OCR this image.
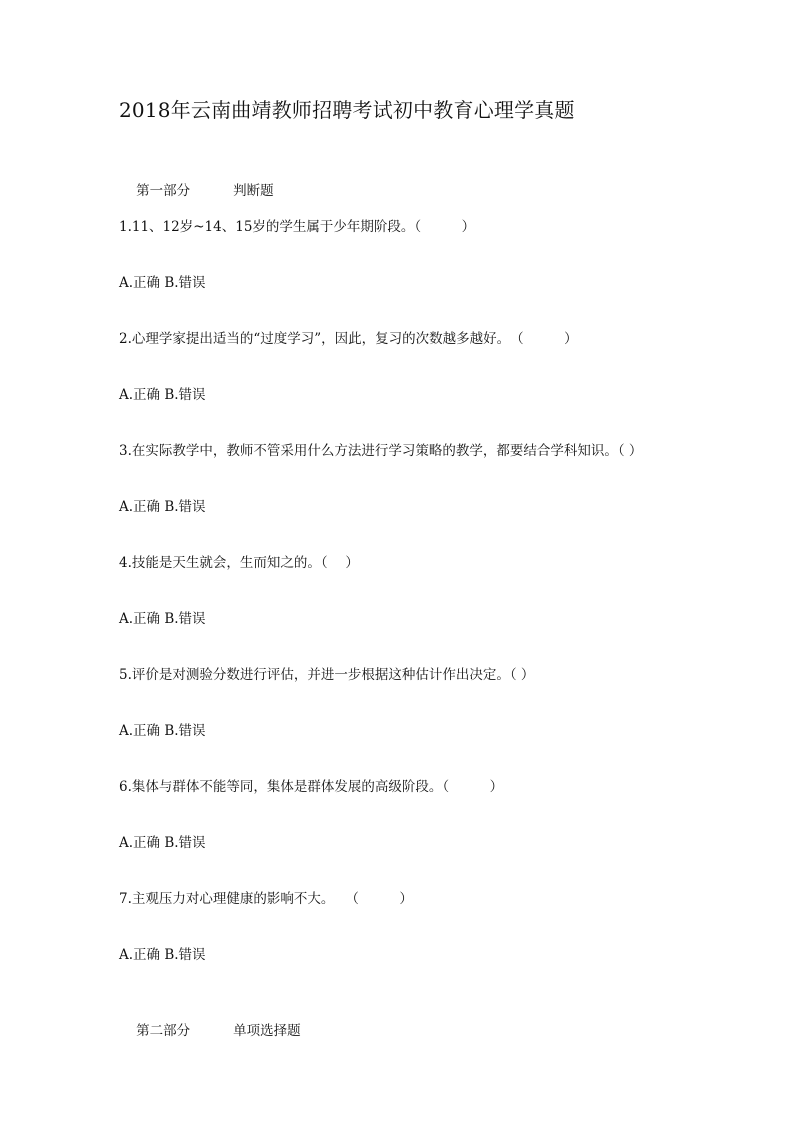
2018年云南曲靖教师招聘考试初中教育心理学真题

第一部分	判断题

1.11、12岁~14、15岁的学生属于少年期阶段。（　　　）
A.正确 B.错误
2.心理学家提出适当的“过度学习”，因此，复习的次数越多越好。　（　　　）
A.正确 B.错误
3.在实际教学中，教师不管采用什么方法进行学习策略的教学，都要结合学科知识。（ ）
A.正确 B.错误
4.技能是天生就会，生而知之的。（　 ）
A.正确 B.错误
5.评价是对测验分数进行评估，并进一步根据这种估计作出决定。（ ）
A.正确 B.错误
6.集体与群体不能等同，集体是群体发展的高级阶段。（　　　）
A.正确 B.错误
7.主观压力对心理健康的影响不大。　 （　　　）
A.正确 B.错误

第二部分	单项选择题
